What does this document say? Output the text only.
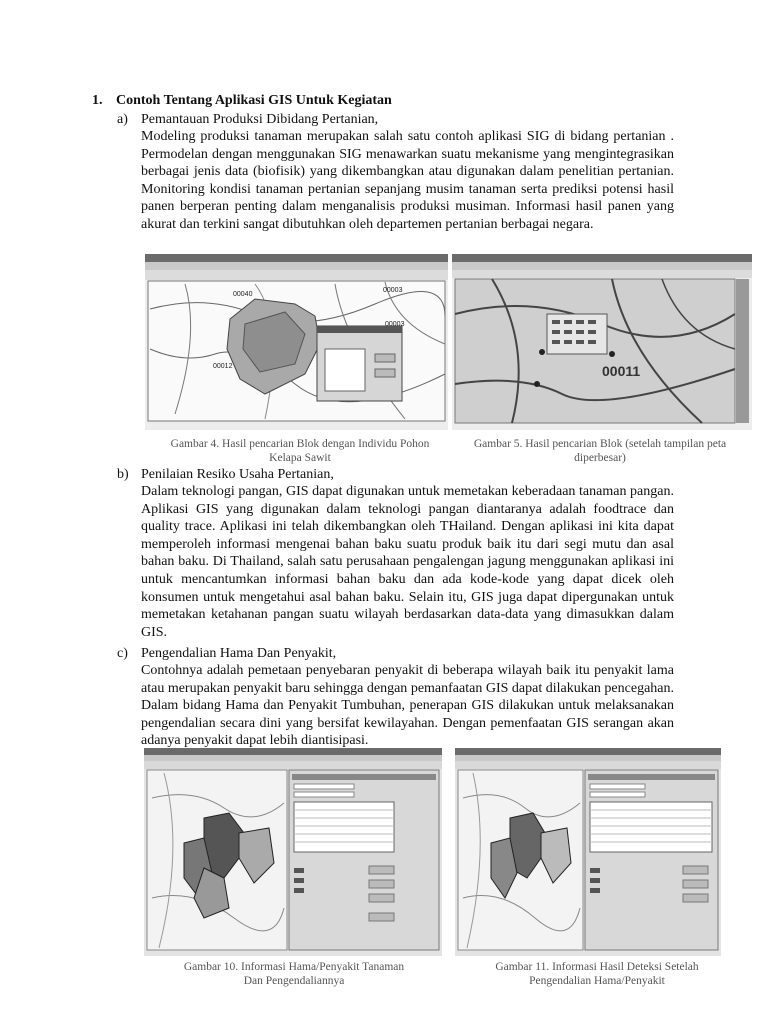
1. Contoh Tentang Aplikasi GIS Untuk Kegiatan
a) Pemantauan Produksi Dibidang Pertanian,
Modeling produksi tanaman merupakan salah satu contoh aplikasi SIG di bidang pertanian . Permodelan dengan menggunakan SIG menawarkan suatu mekanisme yang mengintegrasikan berbagai jenis data (biofisik) yang dikembangkan atau digunakan dalam penelitian pertanian. Monitoring kondisi tanaman pertanian sepanjang musim tanaman serta prediksi potensi hasil panen berperan penting dalam menganalisis produksi musiman. Informasi hasil panen yang akurat dan terkini sangat dibutuhkan oleh departemen pertanian berbagai negara.
00040
00003
00012
00003
Gambar 4. Hasil pencarian Blok dengan Individu Pohon
Kelapa Sawit
00011
Gambar 5. Hasil pencarian Blok (setelah tampilan peta
diperbesar)
b) Penilaian Resiko Usaha Pertanian,
Dalam teknologi pangan, GIS dapat digunakan untuk memetakan keberadaan tanaman pangan. Aplikasi GIS yang digunakan dalam teknologi pangan diantaranya adalah foodtrace dan quality trace. Aplikasi ini telah dikembangkan oleh THailand. Dengan aplikasi ini kita dapat memperoleh informasi mengenai bahan baku suatu produk baik itu dari segi mutu dan asal bahan baku. Di Thailand, salah satu perusahaan pengalengan jagung menggunakan aplikasi ini untuk mencantumkan informasi bahan baku dan ada kode-kode yang dapat dicek oleh konsumen untuk mengetahui asal bahan baku. Selain itu, GIS juga dapat dipergunakan untuk memetakan ketahanan pangan suatu wilayah berdasarkan data-data yang dimasukkan dalam GIS.
c) Pengendalian Hama Dan Penyakit,
Contohnya adalah pemetaan penyebaran penyakit di beberapa wilayah baik itu penyakit lama atau merupakan penyakit baru sehingga dengan pemanfaatan GIS dapat dilakukan pencegahan. Dalam bidang Hama dan Penyakit Tumbuhan, penerapan GIS dilakukan untuk melaksanakan pengendalian secara dini yang bersifat kewilayahan. Dengan pemenfaatan GIS serangan akan adanya penyakit dapat lebih diantisipasi.
Gambar 10. Informasi Hama/Penyakit Tanaman
Dan Pengendaliannya
Gambar 11. Informasi Hasil Deteksi Setelah
Pengendalian Hama/Penyakit
